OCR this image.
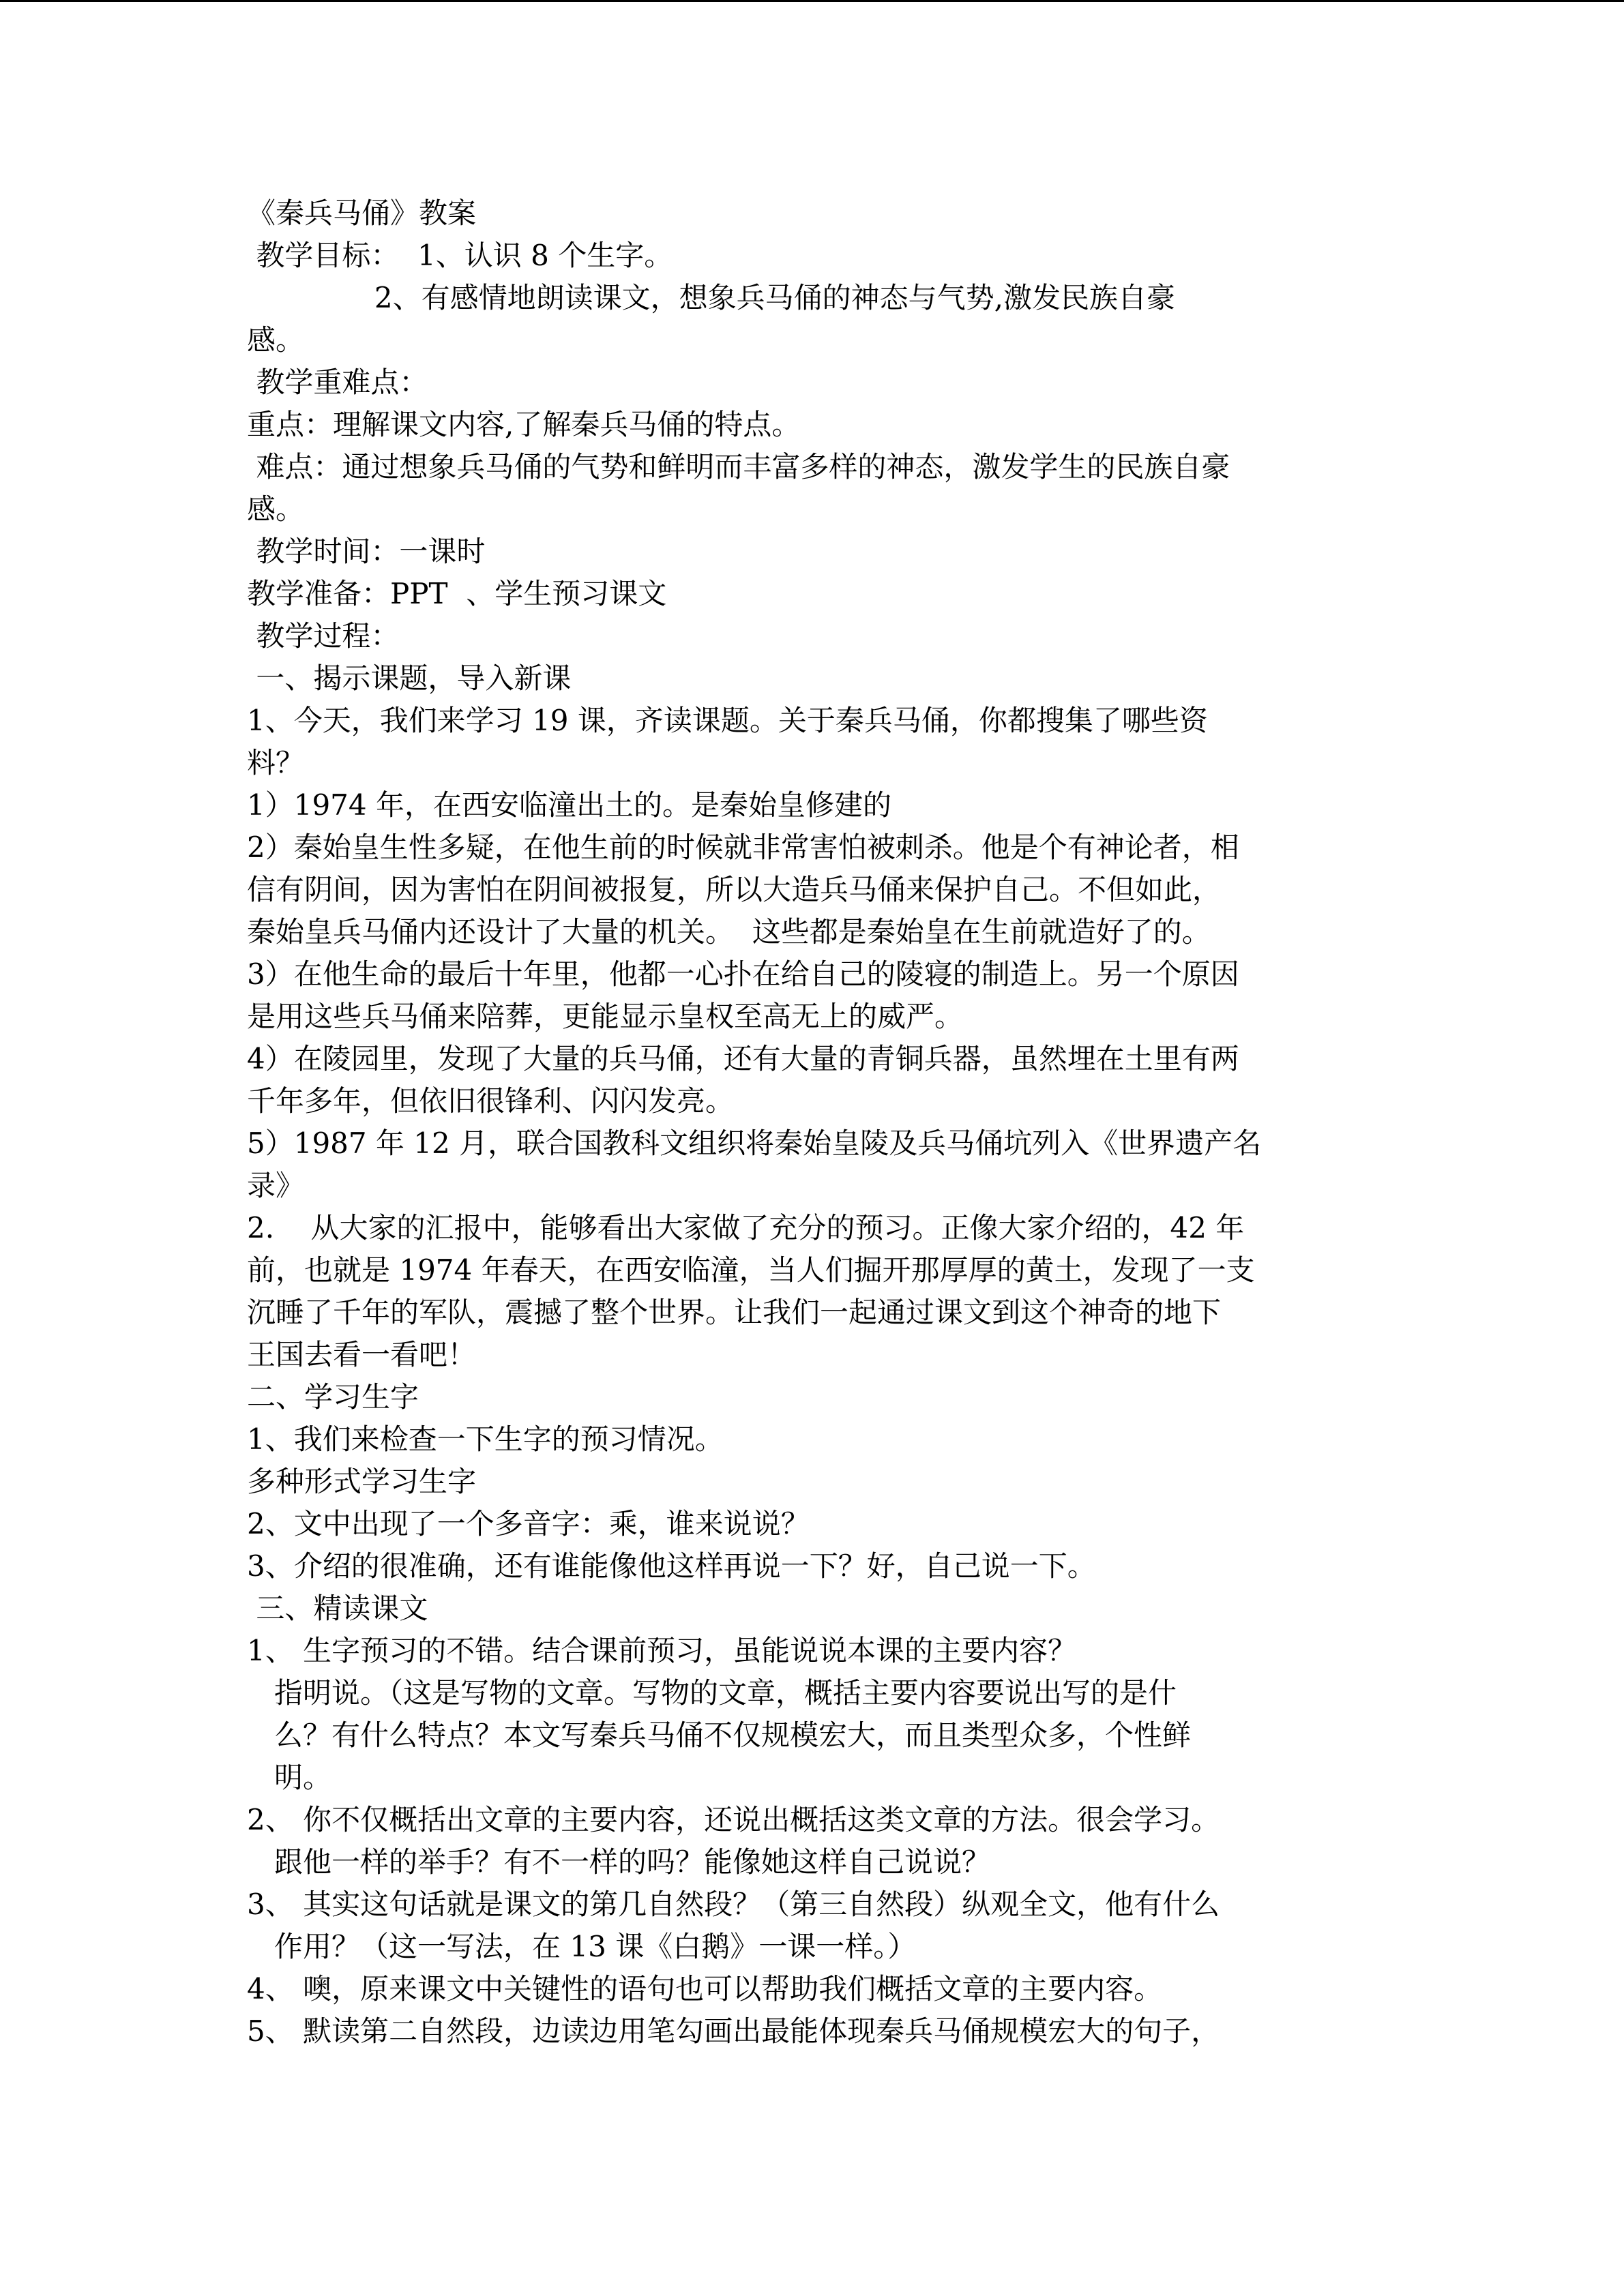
《秦兵马俑》教案
教学目标：  1、认识 8 个生字。
2、有感情地朗读课文，想象兵马俑的神态与气势,激发民族自豪
感。
教学重难点：
重点：理解课文内容,了解秦兵马俑的特点。
难点：通过想象兵马俑的气势和鲜明而丰富多样的神态，激发学生的民族自豪
感。
教学时间：一课时
教学准备：PPT  、学生预习课文
教学过程：
一、揭示课题，导入新课
1、今天，我们来学习 19 课，齐读课题。关于秦兵马俑，你都搜集了哪些资
料？
1）1974 年，在西安临潼出土的。是秦始皇修建的
2）秦始皇生性多疑，在他生前的时候就非常害怕被刺杀。他是个有神论者，相
信有阴间，因为害怕在阴间被报复，所以大造兵马俑来保护自己。不但如此，
秦始皇兵马俑内还设计了大量的机关。  这些都是秦始皇在生前就造好了的。
3）在他生命的最后十年里，他都一心扑在给自己的陵寝的制造上。另一个原因
是用这些兵马俑来陪葬，更能显示皇权至高无上的威严。
4）在陵园里，发现了大量的兵马俑，还有大量的青铜兵器，虽然埋在土里有两
千年多年，但依旧很锋利、闪闪发亮。
5）1987 年 12 月，联合国教科文组织将秦始皇陵及兵马俑坑列入《世界遗产名
录》
2.    从大家的汇报中，能够看出大家做了充分的预习。正像大家介绍的，42 年
前，也就是 1974 年春天，在西安临潼，当人们掘开那厚厚的黄土，发现了一支
沉睡了千年的军队，震撼了整个世界。让我们一起通过课文到这个神奇的地下
王国去看一看吧！
二、学习生字
1、我们来检查一下生字的预习情况。
多种形式学习生字
2、文中出现了一个多音字：乘，谁来说说？
3、介绍的很准确，还有谁能像他这样再说一下？好，自己说一下。
三、精读课文
1、 生字预习的不错。结合课前预习，虽能说说本课的主要内容？
指明说。（这是写物的文章。写物的文章，概括主要内容要说出写的是什
么？有什么特点？本文写秦兵马俑不仅规模宏大，而且类型众多，个性鲜
明。
2、 你不仅概括出文章的主要内容，还说出概括这类文章的方法。很会学习。
跟他一样的举手？有不一样的吗？能像她这样自己说说？
3、 其实这句话就是课文的第几自然段？（第三自然段）纵观全文，他有什么
作用？（这一写法，在 13 课《白鹅》一课一样。）
4、 噢，原来课文中关键性的语句也可以帮助我们概括文章的主要内容。
5、 默读第二自然段，边读边用笔勾画出最能体现秦兵马俑规模宏大的句子，
